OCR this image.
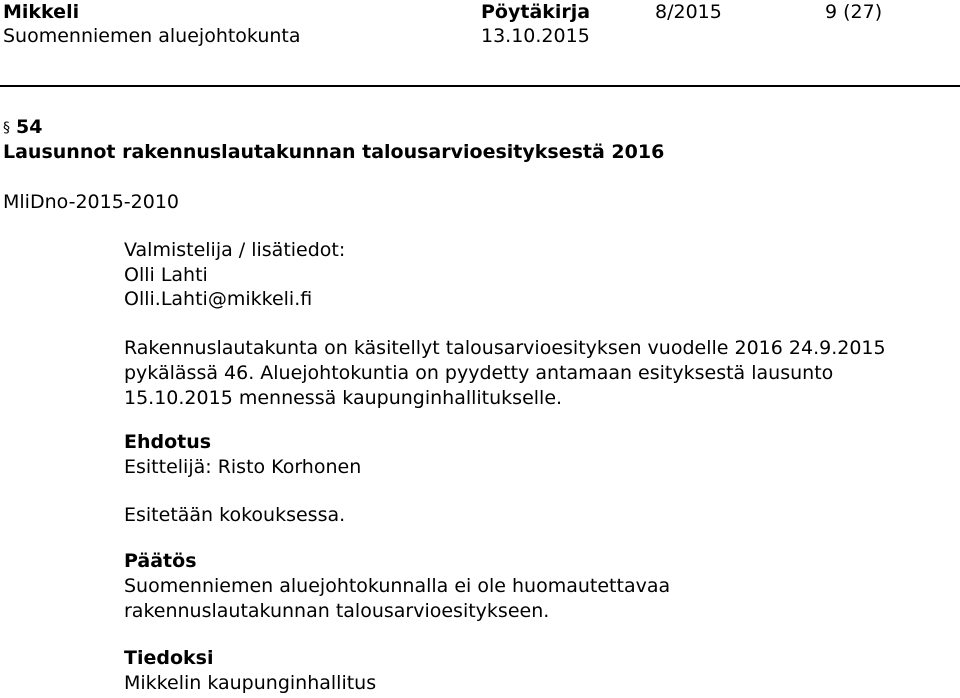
Mikkeli
Suomenniemen aluejohtokunta
Pöytäkirja
13.10.2015
8/2015	9 (27)
§ 54
Lausunnot rakennuslautakunnan talousarvioesityksestä 2016
MliDno-2015-2010
Valmistelija / lisätiedot:
Olli Lahti
Olli.Lahti@mikkeli.fi
Rakennuslautakunta on käsitellyt talousarvioesityksen vuodelle 2016 24.9.2015
pykälässä 46. Aluejohtokuntia on pyydetty antamaan esityksestä lausunto
15.10.2015 mennessä kaupunginhallitukselle.
Ehdotus
Esittelijä: Risto Korhonen
Esitetään kokouksessa.
Päätös
Suomenniemen aluejohtokunnalla ei ole huomautettavaa
rakennuslautakunnan talousarvioesitykseen.
Tiedoksi
Mikkelin kaupunginhallitus
